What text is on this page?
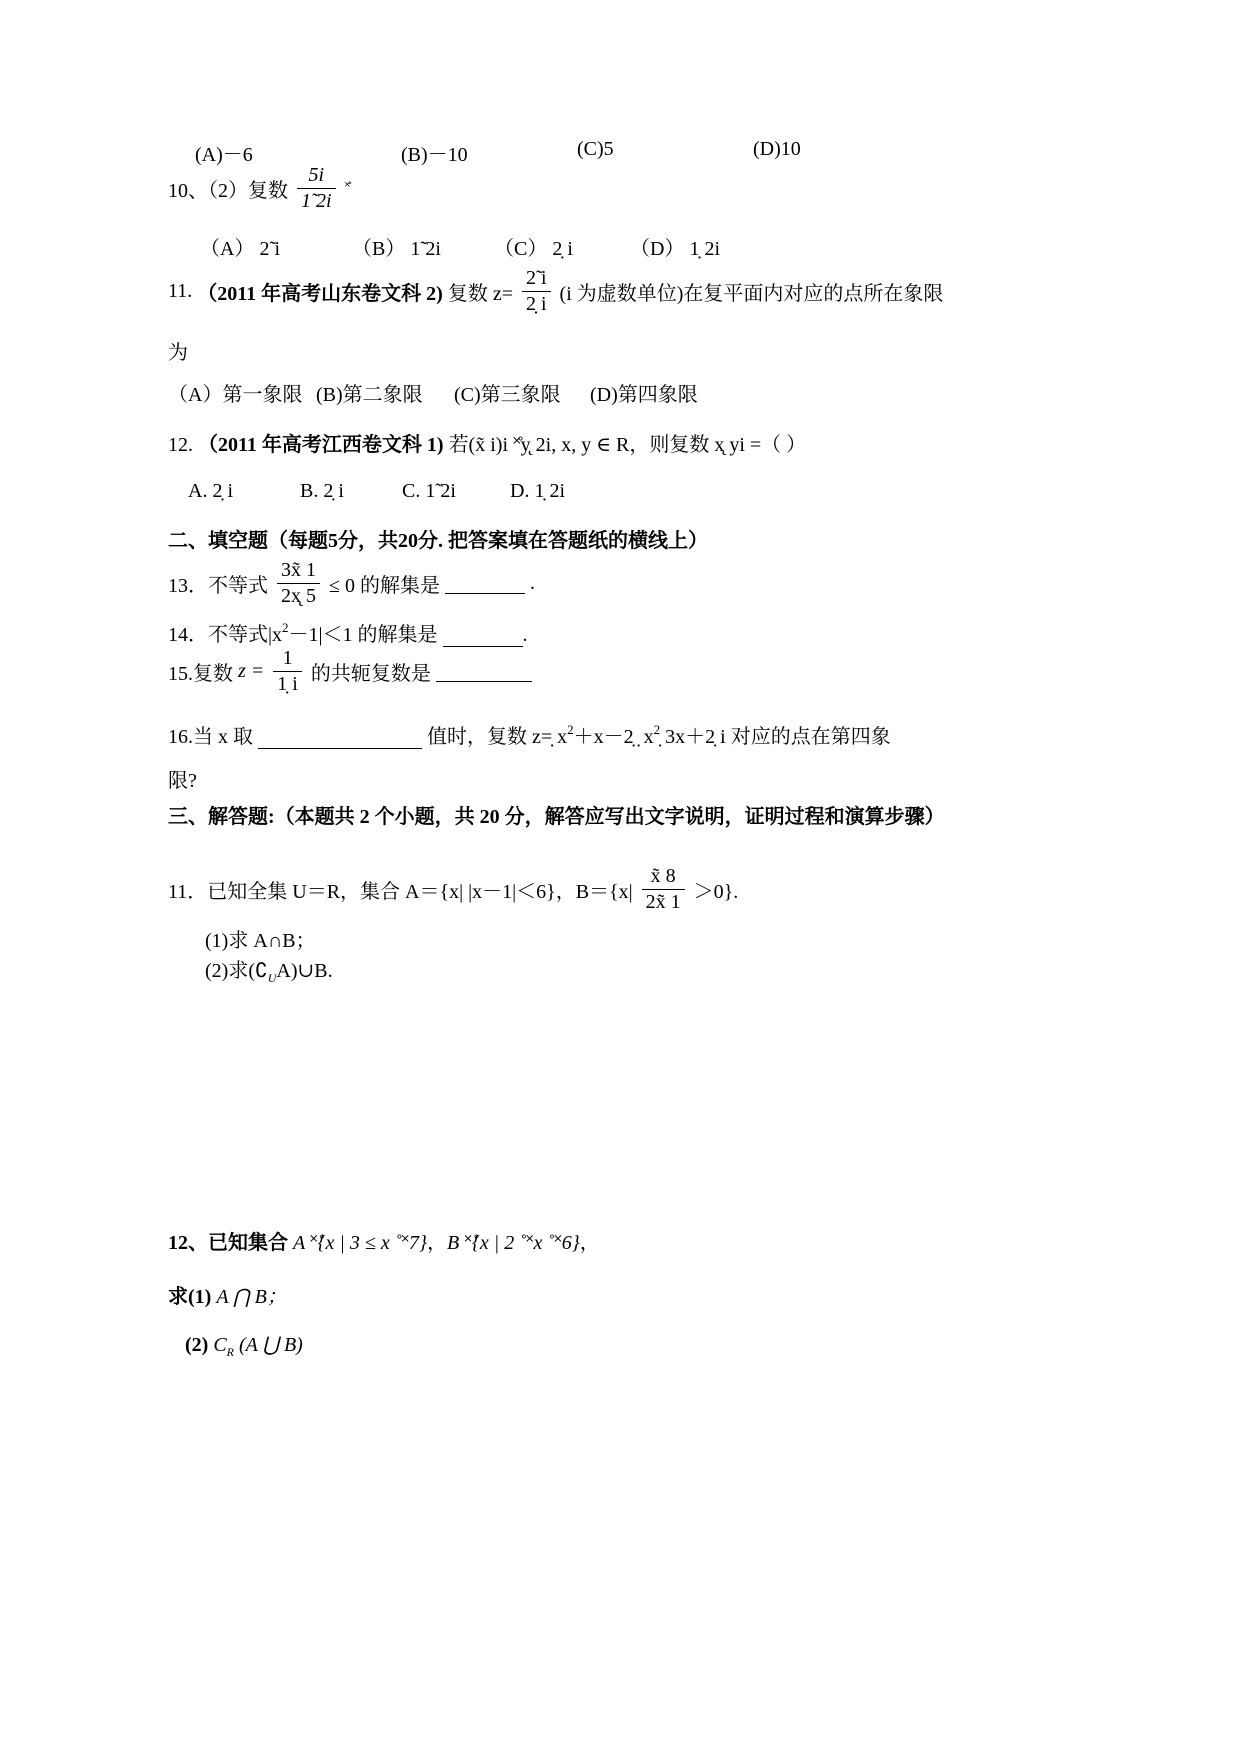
(A)－6	(B)－10	(C)5	(D)10
10、（2）复数 $\frac{5i}{1̃ 2i}$ ˟̊
（A） 2̃ i	（B） 1̃ 2i	（C） 2̣ i	（D） 1̣ 2i
11. （2011 年高考山东卷文科 2) 复数 $z= \frac{2̃ i}{2̣ i} (i$ 为虚数单位)在复平面内对应的点所在象限
为
（A）第一象限 (B)第二象限 (C)第三象限 (D)第四象限
12. （2011 年高考江西卷文科 1) 若(x̃ i)i ˟̊y̨ 2i, x, y ∈ R，则复数 x̨ yi =（ ）
A. 2̣ i	B. 2̣ i	C. 1̃ 2i	D. 1̣ 2i
二、填空题（每题5分，共20分. 把答案填在答题纸的横线上）
13．不等式 $\frac{3x̃ 1}{2x̨ 5} \le 0$ 的解集是	.
14．不等式$|x^2-1|<1$ 的解集是	.
15.复数 $z = \frac{1}{1̣ i}$ 的共轭复数是
16.当 x 取	值时，复数 z=̣ $x^2+x-2̣$ ̣ $x^2̣$ 3x＋2̣ i 对应的点在第四象
限?
三、解答题:（本题共 2 个小题，共 20 分，解答应写出文字说明，证明过程和演算步骤）
11．已知全集 U＝R，集合 A＝{x| |x－1|＜6}，$B=\{x| \frac{x̃ 8}{2x̃ 1} >0\}$.
(1)求 A∩B；
(2)求$(∁_UA)\cup B$.
12、已知集合 A ˟̊{x | 3 ≤ x ˚˟7}，B ˟̊{x | 2 ˚˟x ˚˟6}，
求(1) A ⋂ B；
(2) $C_R$ (A ⋃ B)
